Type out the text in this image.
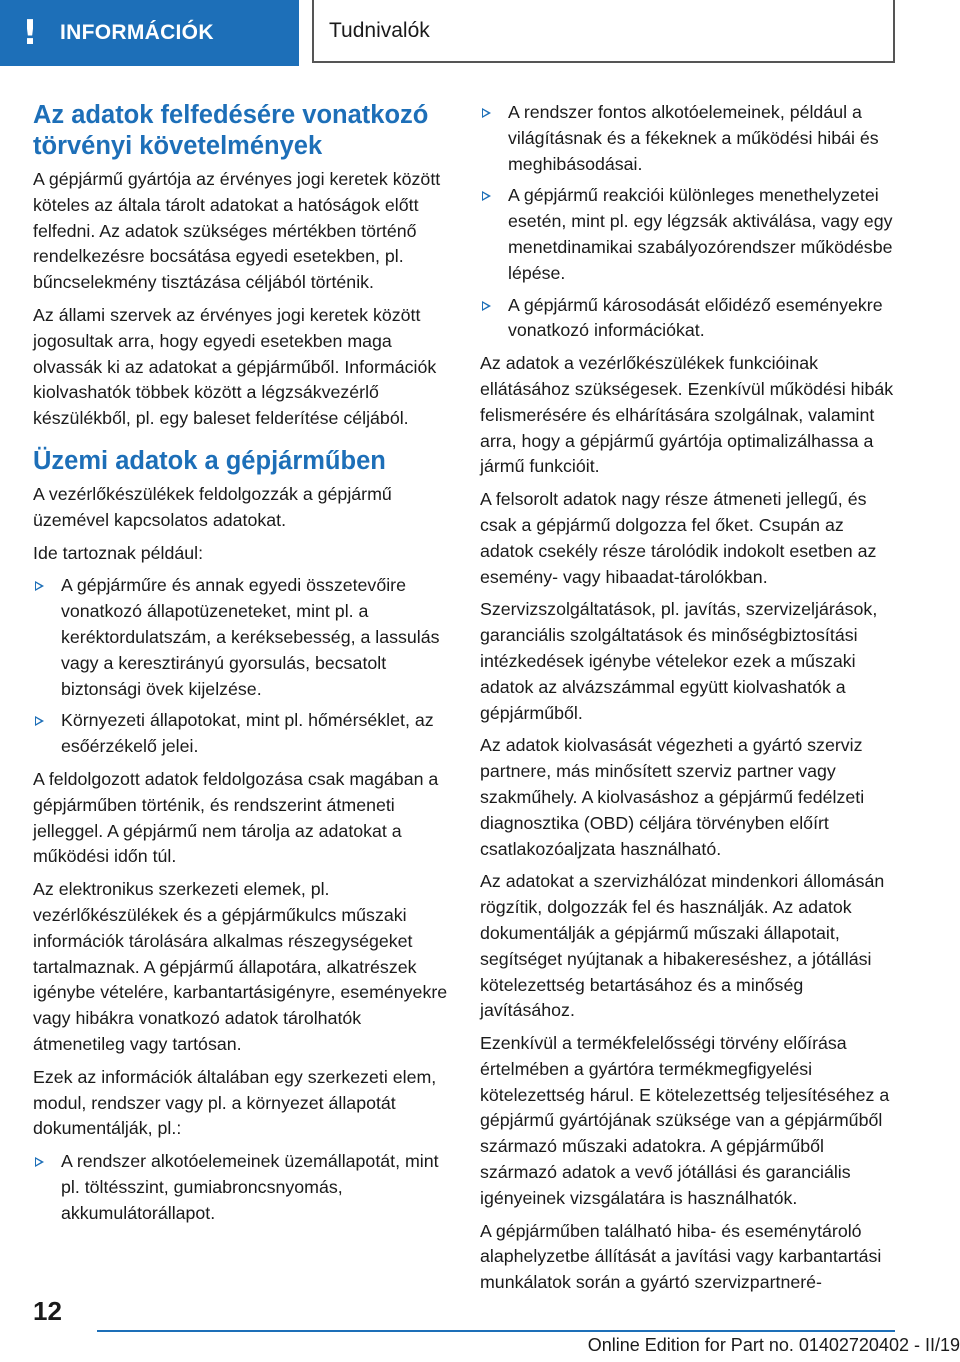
!	INFORMÁCIÓK	Tudnivalók
Az adatok felfedésére vonatkozó törvényi követelmények

A gépjármű gyártója az érvényes jogi keretek között köteles az általa tárolt adatokat a hatóságok előtt felfedni. Az adatok szükséges mértékben történő rendelkezésre bocsátása egyedi esetekben, pl. bűncselekmény tisztázása céljából történik.

Az állami szervek az érvényes jogi keretek között jogosultak arra, hogy egyedi esetekben maga olvassák ki az adatokat a gépjárműből. Információk kiolvashatók többek között a légzsákvezérlő készülékből, pl. egy baleset felderítése céljából.

Üzemi adatok a gépjárműben

A vezérlőkészülékek feldolgozzák a gépjármű üzemével kapcsolatos adatokat.

Ide tartoznak például:

A gépjárműre és annak egyedi összetevőire vonatkozó állapotüzeneteket, mint pl. a keréktordulatszám, a keréksebesség, a lassulás vagy a keresztirányú gyorsulás, becsatolt biztonsági övek kijelzése.
Környezeti állapotokat, mint pl. hőmérséklet, az esőérzékelő jelei.

A feldolgozott adatok feldolgozása csak magában a gépjárműben történik, és rendszerint átmeneti jelleggel. A gépjármű nem tárolja az adatokat a működési időn túl.

Az elektronikus szerkezeti elemek, pl. vezérlőkészülékek és a gépjárműkulcs műszaki információk tárolására alkalmas részegységeket tartalmaznak. A gépjármű állapotára, alkatrészek igénybe vételére, karbantartásigényre, eseményekre vagy hibákra vonatkozó adatok tárolhatók átmenetileg vagy tartósan.

Ezek az információk általában egy szerkezeti elem, modul, rendszer vagy pl. a környezet állapotát dokumentálják, pl.:

A rendszer alkotóelemeinek üzemállapotát, mint pl. töltésszint, gumiabroncsnyomás, akkumulátorállapot.
A rendszer fontos alkotóelemeinek, például a világításnak és a fékeknek a működési hibái és meghibásodásai.
A gépjármű reakciói különleges menethelyzetei esetén, mint pl. egy légzsák aktiválása, vagy egy menetdinamikai szabályozórendszer működésbe lépése.
A gépjármű károsodását előidéző eseményekre vonatkozó információkat.

Az adatok a vezérlőkészülékek funkcióinak ellátásához szükségesek. Ezenkívül működési hibák felismerésére és elhárítására szolgálnak, valamint arra, hogy a gépjármű gyártója optimalizálhassa a jármű funkcióit.

A felsorolt adatok nagy része átmeneti jellegű, és csak a gépjármű dolgozza fel őket. Csupán az adatok csekély része tárolódik indokolt esetben az esemény- vagy hibaadat-tárolókban.

Szervizszolgáltatások, pl. javítás, szervizeljárások, garanciális szolgáltatások és minőségbiztosítási intézkedések igénybe vételekor ezek a műszaki adatok az alvázszámmal együtt kiolvashatók a gépjárműből.

Az adatok kiolvasását végezheti a gyártó szerviz partnere, más minősített szerviz partner vagy szakműhely. A kiolvasáshoz a gépjármű fedélzeti diagnosztika (OBD) céljára törvényben előírt csatlakozóaljzata használható.

Az adatokat a szervizhálózat mindenkori állomásán rögzítik, dolgozzák fel és használják. Az adatok dokumentálják a gépjármű műszaki állapotait, segítséget nyújtanak a hibakereséshez, a jótállási kötelezettség betartásához és a minőség javításához.

Ezenkívül a termékfelelősségi törvény előírása értelmében a gyártóra termékmegfigyelési kötelezettség hárul. E kötelezettség teljesítéséhez a gépjármű gyártójának szüksége van a gépjárműből származó műszaki adatokra. A gépjárműből származó adatok a vevő jótállási és garanciális igényeinek vizsgálatára is használhatók.

A gépjárműben található hiba- és eseménytároló alaphelyzetbe állítását a javítási vagy karbantartási munkálatok során a gyártó szervizpartneré-

12
Online Edition for Part no. 01402720402 - II/19
